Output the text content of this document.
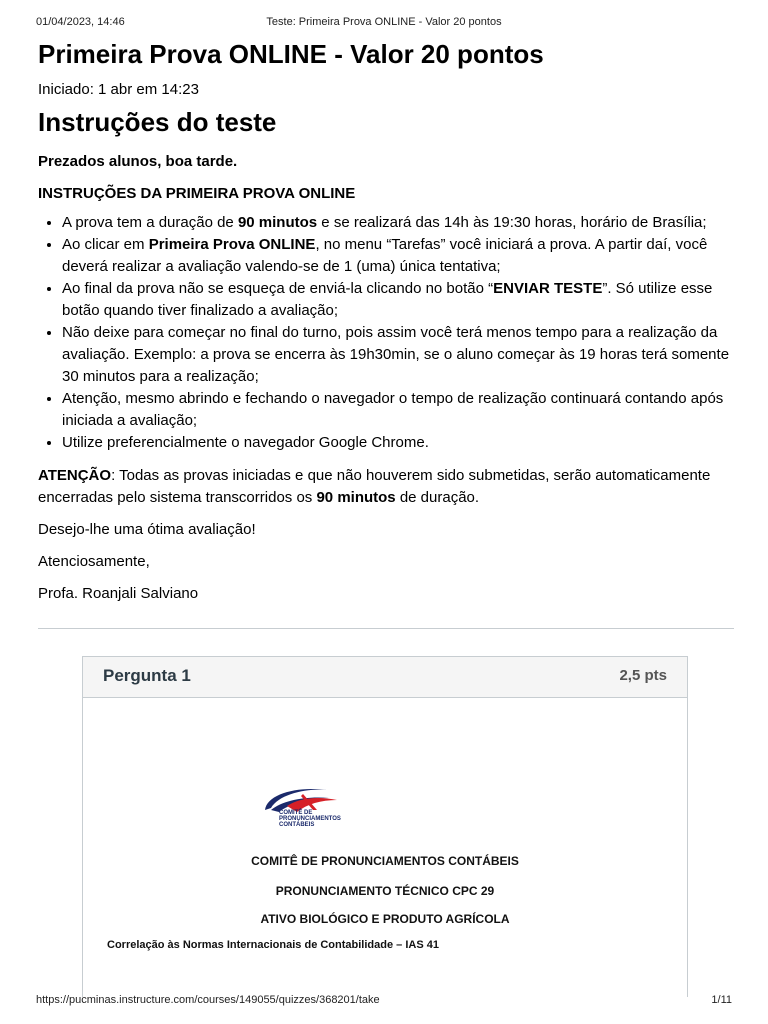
01/04/2023, 14:46	Teste: Primeira Prova ONLINE - Valor 20 pontos
Primeira Prova ONLINE - Valor 20 pontos
Iniciado: 1 abr em 14:23
Instruções do teste
Prezados alunos, boa tarde.
INSTRUÇÕES DA PRIMEIRA PROVA ONLINE
• A prova tem a duração de 90 minutos e se realizará das 14h às 19:30 horas, horário de Brasília;
• Ao clicar em Primeira Prova ONLINE, no menu “Tarefas” você iniciará a prova. A partir daí, você deverá realizar a avaliação valendo-se de 1 (uma) única tentativa;
• Ao final da prova não se esqueça de enviá-la clicando no botão “ENVIAR TESTE”. Só utilize esse botão quando tiver finalizado a avaliação;
• Não deixe para começar no final do turno, pois assim você terá menos tempo para a realização da avaliação. Exemplo: a prova se encerra às 19h30min, se o aluno começar às 19 horas terá somente 30 minutos para a realização;
• Atenção, mesmo abrindo e fechando o navegador o tempo de realização continuará contando após iniciada a avaliação;
• Utilize preferencialmente o navegador Google Chrome.
ATENÇÃO: Todas as provas iniciadas e que não houverem sido submetidas, serão automaticamente encerradas pelo sistema transcorridos os 90 minutos de duração.
Desejo-lhe uma ótima avaliação!
Atenciosamente,
Profa. Roanjali Salviano
Pergunta 1	2,5 pts
COMITÊ DE PRONUNCIAMENTOS CONTÁBEIS
COMITÊ DE PRONUNCIAMENTOS CONTÁBEIS
PRONUNCIAMENTO TÉCNICO CPC 29
ATIVO BIOLÓGICO E PRODUTO AGRÍCOLA
Correlação às Normas Internacionais de Contabilidade – IAS 41
https://pucminas.instructure.com/courses/149055/quizzes/368201/take	1/11
